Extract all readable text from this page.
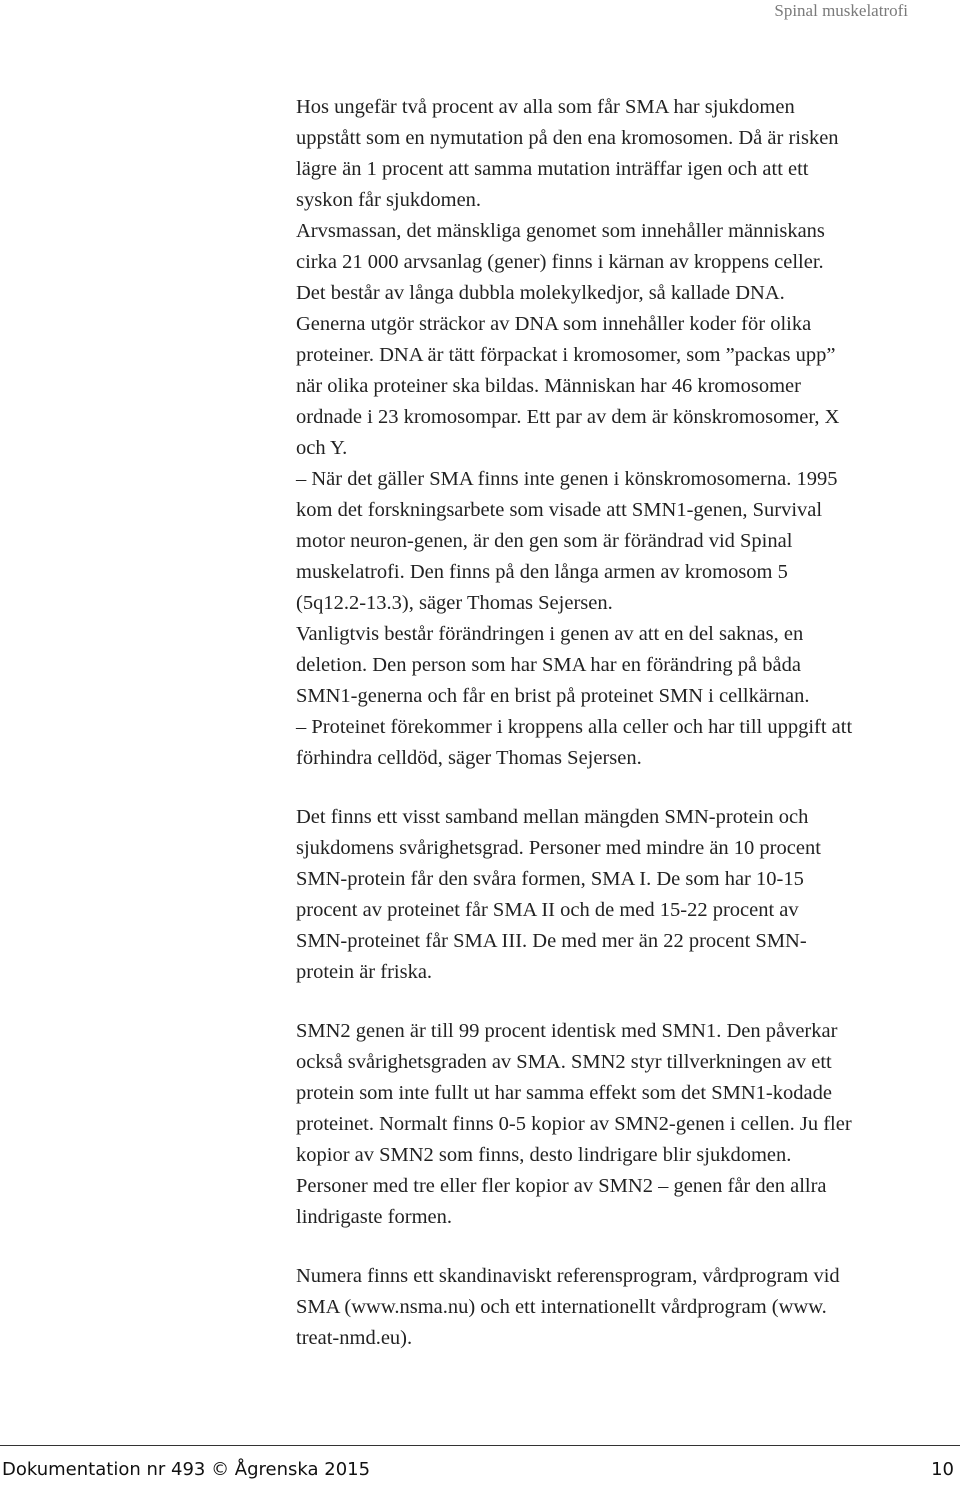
Spinal muskelatrofi

Hos ungefär två procent av alla som får SMA har sjukdomen

uppstått som en nymutation på den ena kromosomen. Då är risken

lägre än 1 procent att samma mutation inträffar igen och att ett

syskon får sjukdomen.

Arvsmassan, det mänskliga genomet som innehåller människans

cirka 21 000 arvsanlag (gener) finns i kärnan av kroppens celler.

Det består av långa dubbla molekylkedjor, så kallade DNA.

Generna utgör sträckor av DNA som innehåller koder för olika

proteiner. DNA är tätt förpackat i kromosomer, som ”packas upp”

när olika proteiner ska bildas. Människan har 46 kromosomer

ordnade i 23 kromosompar. Ett par av dem är könskromosomer, X

och Y.

– När det gäller SMA finns inte genen i könskromosomerna. 1995

kom det forskningsarbete som visade att SMN1-genen, Survival

motor neuron-genen, är den gen som är förändrad vid Spinal

muskelatrofi. Den finns på den långa armen av kromosom 5

(5q12.2-13.3), säger Thomas Sejersen.

Vanligtvis består förändringen i genen av att en del saknas, en

deletion. Den person som har SMA har en förändring på båda

SMN1-generna och får en brist på proteinet SMN i cellkärnan.

– Proteinet förekommer i kroppens alla celler och har till uppgift att

förhindra celldöd, säger Thomas Sejersen.

Det finns ett visst samband mellan mängden SMN-protein och

sjukdomens svårighetsgrad. Personer med mindre än 10 procent

SMN-protein får den svåra formen, SMA I. De som har 10-15

procent av proteinet får SMA II och de med 15-22 procent av

SMN-proteinet får SMA III. De med mer än 22 procent SMN-

protein är friska.

SMN2 genen är till 99 procent identisk med SMN1. Den påverkar

också svårighetsgraden av SMA. SMN2 styr tillverkningen av ett

protein som inte fullt ut har samma effekt som det SMN1-kodade

proteinet. Normalt finns 0-5 kopior av SMN2-genen i cellen. Ju fler

kopior av SMN2 som finns, desto lindrigare blir sjukdomen.

Personer med tre eller fler kopior av SMN2 – genen får den allra

lindrigaste formen.

Numera finns ett skandinaviskt referensprogram, vårdprogram vid

SMA (www.nsma.nu) och ett internationellt vårdprogram (www.

treat-nmd.eu).

Dokumentation nr 493 © Ågrenska 2015	10
